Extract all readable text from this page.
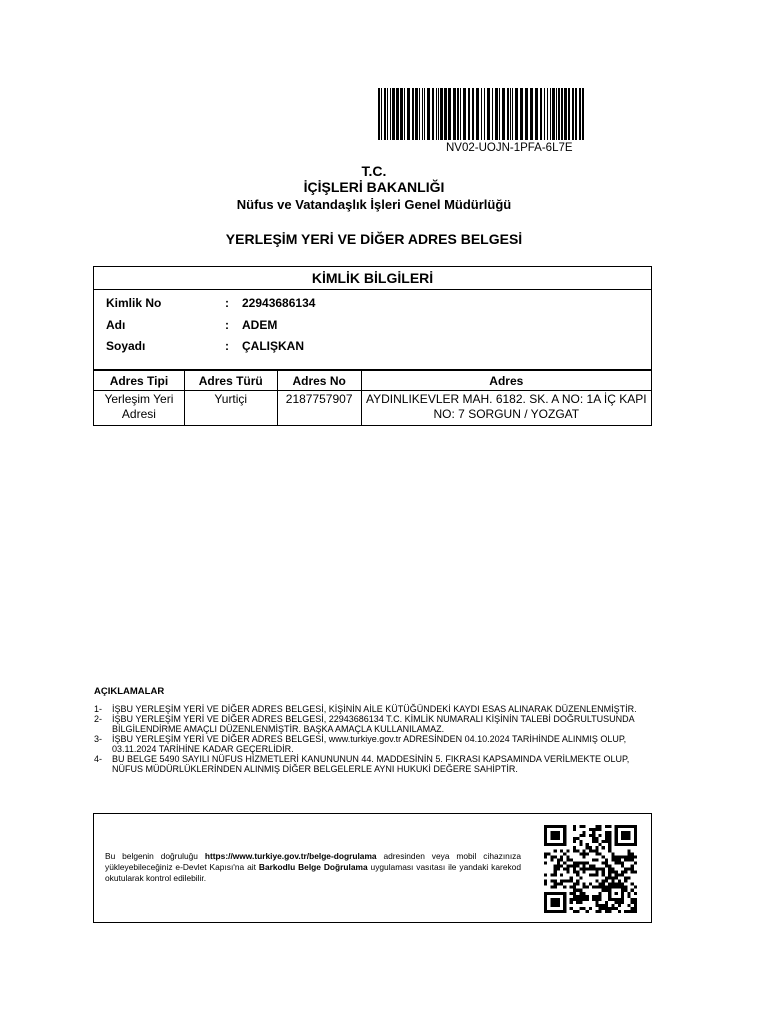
NV02-UOJN-1PFA-6L7E
T.C.
İÇİŞLERİ BAKANLIĞI
Nüfus ve Vatandaşlık İşleri Genel Müdürlüğü
YERLEŞİM YERİ VE DİĞER ADRES BELGESİ
KİMLİK BİLGİLERİ
Kimlik No	: 22943686134
Adı	: ADEM
Soyadı	: ÇALIŞKAN
Adres Tipi	Adres Türü	Adres No	Adres
Yerleşim Yeri Adresi	Yurtiçi	2187757907	AYDINLIKEVLER MAH. 6182. SK. A NO: 1A İÇ KAPI NO: 7 SORGUN / YOZGAT
AÇIKLAMALAR
1- İŞBU YERLEŞİM YERİ VE DİĞER ADRES BELGESİ, KİŞİNİN AİLE KÜTÜĞÜNDEKİ KAYDI ESAS ALINARAK DÜZENLENMİŞTİR.
2- İŞBU YERLEŞİM YERİ VE DİĞER ADRES BELGESİ, 22943686134 T.C. KİMLİK NUMARALI KİŞİNİN TALEBİ DOĞRULTUSUNDA BİLGİLENDİRME AMAÇLI DÜZENLENMİŞTİR. BAŞKA AMAÇLA KULLANILAMAZ.
3- İŞBU YERLEŞİM YERİ VE DİĞER ADRES BELGESİ, www.turkiye.gov.tr ADRESİNDEN 04.10.2024 TARİHİNDE ALINMIŞ OLUP, 03.11.2024 TARİHİNE KADAR GEÇERLİDİR.
4- BU BELGE 5490 SAYILI NÜFUS HİZMETLERİ KANUNUNUN 44. MADDESİNİN 5. FIKRASI KAPSAMINDA VERİLMEKTE OLUP, NÜFUS MÜDÜRLÜKLERİNDEN ALINMIŞ DİĞER BELGELERLE AYNI HUKUKİ DEĞERE SAHİPTİR.
Bu belgenin doğruluğu https://www.turkiye.gov.tr/belge-dogrulama adresinden veya mobil cihazınıza yükleyebileceğiniz e-Devlet Kapısı'na ait Barkodlu Belge Doğrulama uygulaması vasıtası ile yandaki karekod okutularak kontrol edilebilir.
